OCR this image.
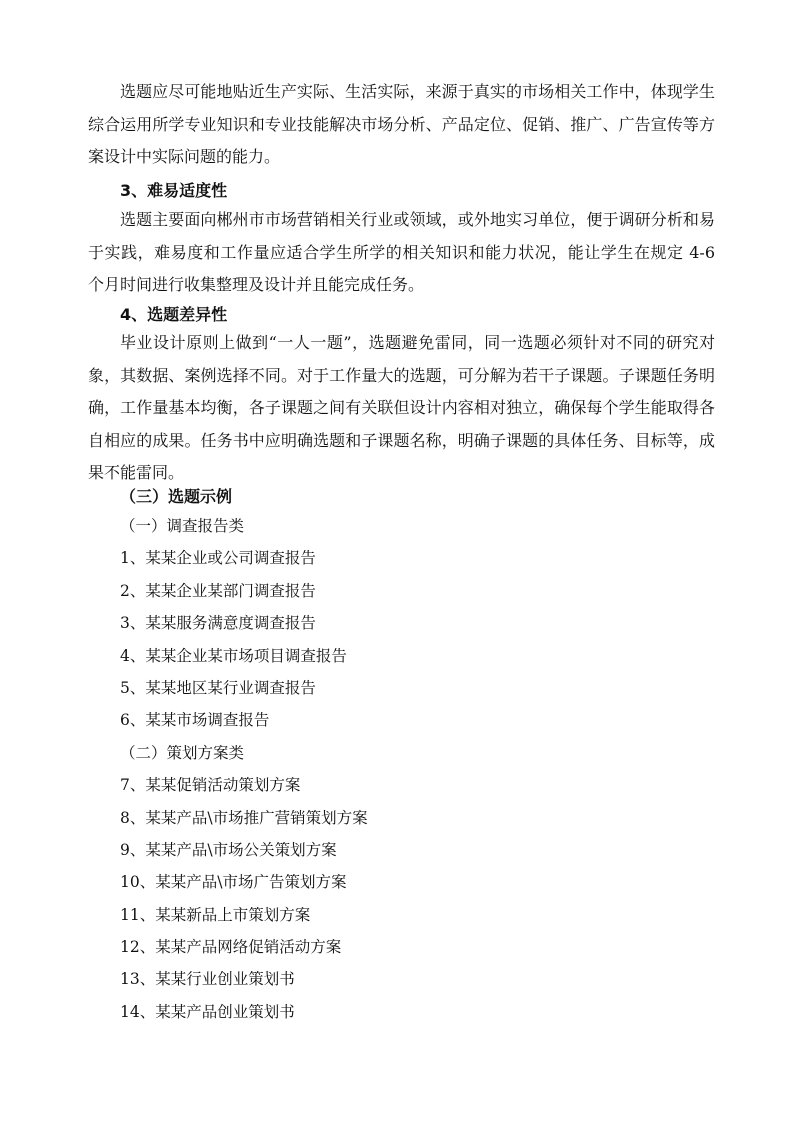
选题应尽可能地贴近生产实际、生活实际，来源于真实的市场相关工作中，体现学生综合运用所学专业知识和专业技能解决市场分析、产品定位、促销、推广、广告宣传等方案设计中实际问题的能力。

3、难易适度性

选题主要面向郴州市市场营销相关行业或领域，或外地实习单位，便于调研分析和易于实践，难易度和工作量应适合学生所学的相关知识和能力状况，能让学生在规定 4-6 个月时间进行收集整理及设计并且能完成任务。

4、选题差异性

毕业设计原则上做到“一人一题”，选题避免雷同，同一选题必须针对不同的研究对象，其数据、案例选择不同。对于工作量大的选题，可分解为若干子课题。子课题任务明确，工作量基本均衡，各子课题之间有关联但设计内容相对独立，确保每个学生能取得各自相应的成果。任务书中应明确选题和子课题名称，明确子课题的具体任务、目标等，成果不能雷同。

（三）选题示例

（一）调查报告类
1、某某企业或公司调查报告
2、某某企业某部门调查报告
3、某某服务满意度调查报告
4、某某企业某市场项目调查报告
5、某某地区某行业调查报告
6、某某市场调查报告
（二）策划方案类
7、某某促销活动策划方案
8、某某产品\市场推广营销策划方案
9、某某产品\市场公关策划方案
10、某某产品\市场广告策划方案
11、某某新品上市策划方案
12、某某产品网络促销活动方案
13、某某行业创业策划书
14、某某产品创业策划书
